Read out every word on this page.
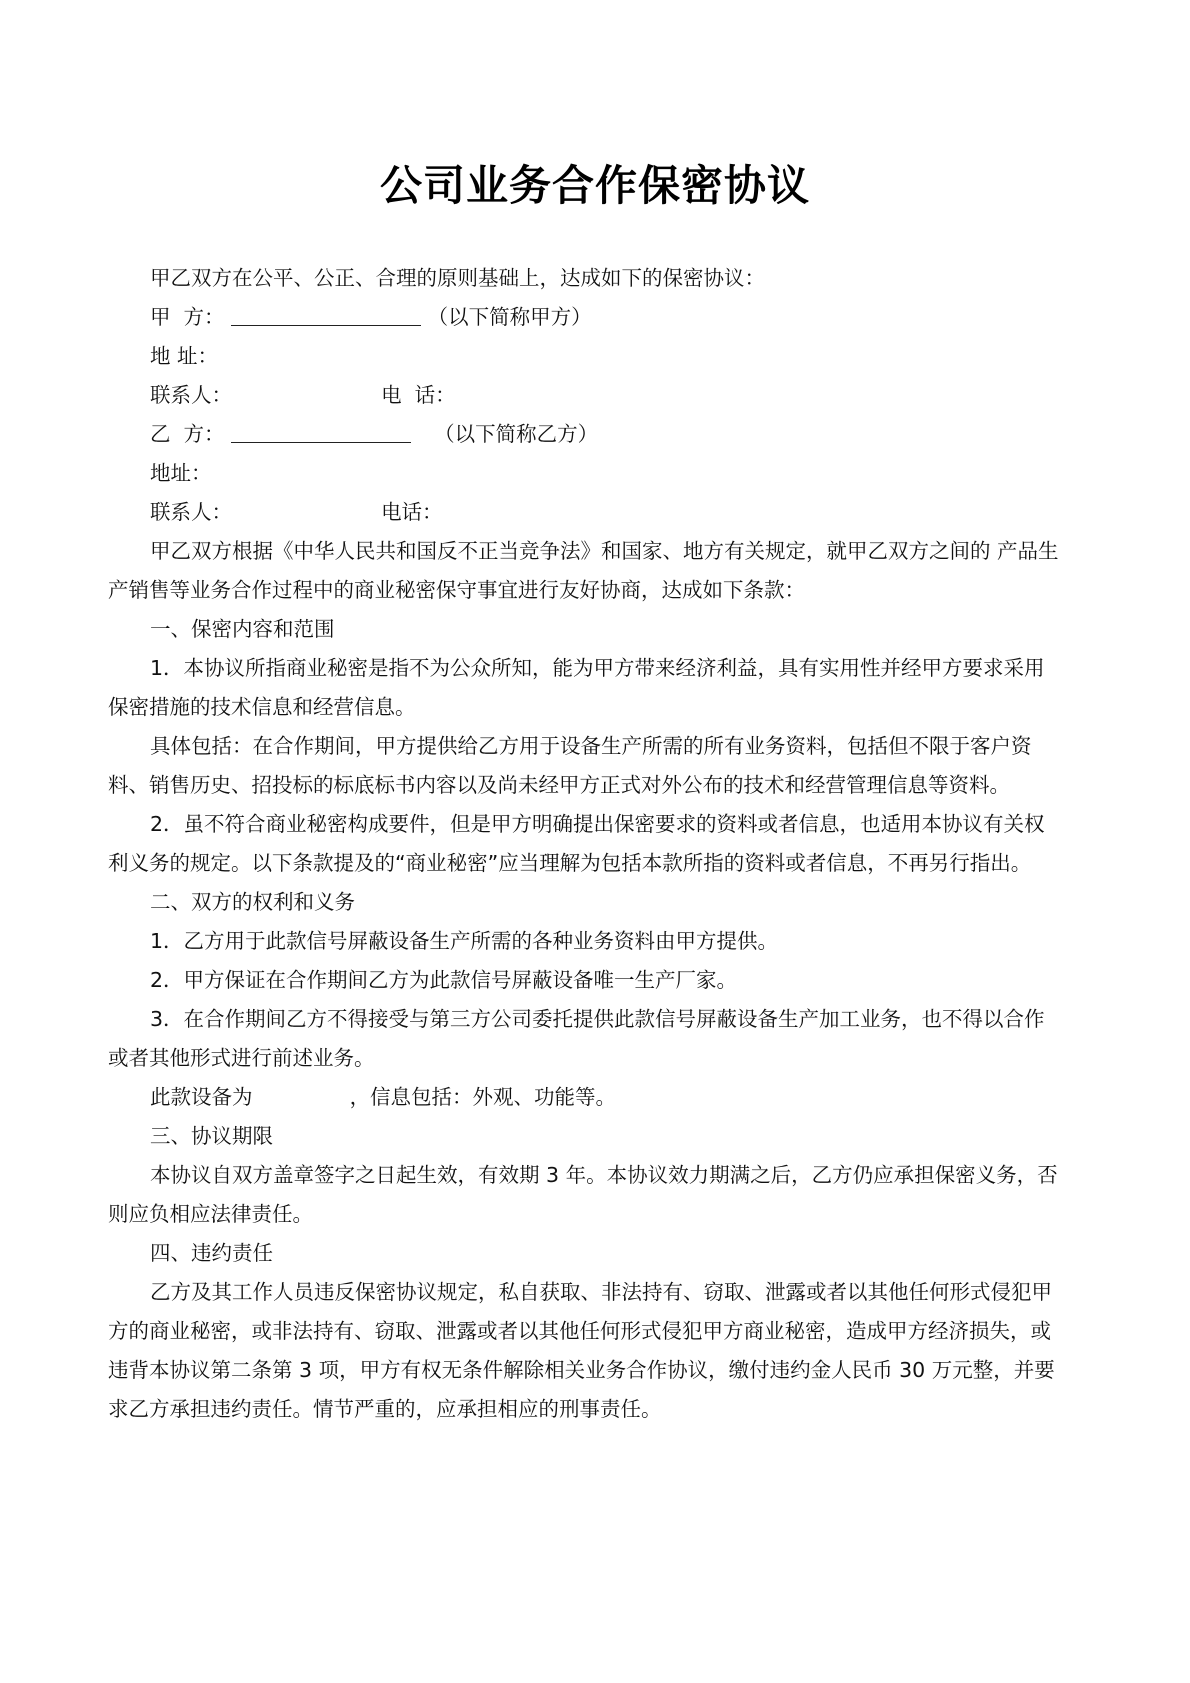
公司业务合作保密协议
甲乙双方在公平、公正、合理的原则基础上，达成如下的保密协议：
甲  方：	（以下简称甲方）
地 址：
联系人：	电  话：
乙  方：	（以下简称乙方）
地址：
联系人：	电话：
甲乙双方根据《中华人民共和国反不正当竞争法》和国家、地方有关规定，就甲乙双方之间的 产品生
产销售等业务合作过程中的商业秘密保守事宜进行友好协商，达成如下条款：
一、保密内容和范围
1．本协议所指商业秘密是指不为公众所知，能为甲方带来经济利益，具有实用性并经甲方要求采用
保密措施的技术信息和经营信息。
具体包括：在合作期间，甲方提供给乙方用于设备生产所需的所有业务资料，包括但不限于客户资
料、销售历史、招投标的标底标书内容以及尚未经甲方正式对外公布的技术和经营管理信息等资料。
2．虽不符合商业秘密构成要件，但是甲方明确提出保密要求的资料或者信息，也适用本协议有关权
利义务的规定。以下条款提及的“商业秘密”应当理解为包括本款所指的资料或者信息，不再另行指出。
二、双方的权利和义务
1．乙方用于此款信号屏蔽设备生产所需的各种业务资料由甲方提供。
2．甲方保证在合作期间乙方为此款信号屏蔽设备唯一生产厂家。
3．在合作期间乙方不得接受与第三方公司委托提供此款信号屏蔽设备生产加工业务，也不得以合作
或者其他形式进行前述业务。
此款设备为	，信息包括：外观、功能等。
三、协议期限
本协议自双方盖章签字之日起生效，有效期 3 年。本协议效力期满之后，乙方仍应承担保密义务，否
则应负相应法律责任。
四、违约责任
乙方及其工作人员违反保密协议规定，私自获取、非法持有、窃取、泄露或者以其他任何形式侵犯甲
方的商业秘密，或非法持有、窃取、泄露或者以其他任何形式侵犯甲方商业秘密，造成甲方经济损失，或
违背本协议第二条第 3 项，甲方有权无条件解除相关业务合作协议，缴付违约金人民币 30 万元整，并要
求乙方承担违约责任。情节严重的，应承担相应的刑事责任。
